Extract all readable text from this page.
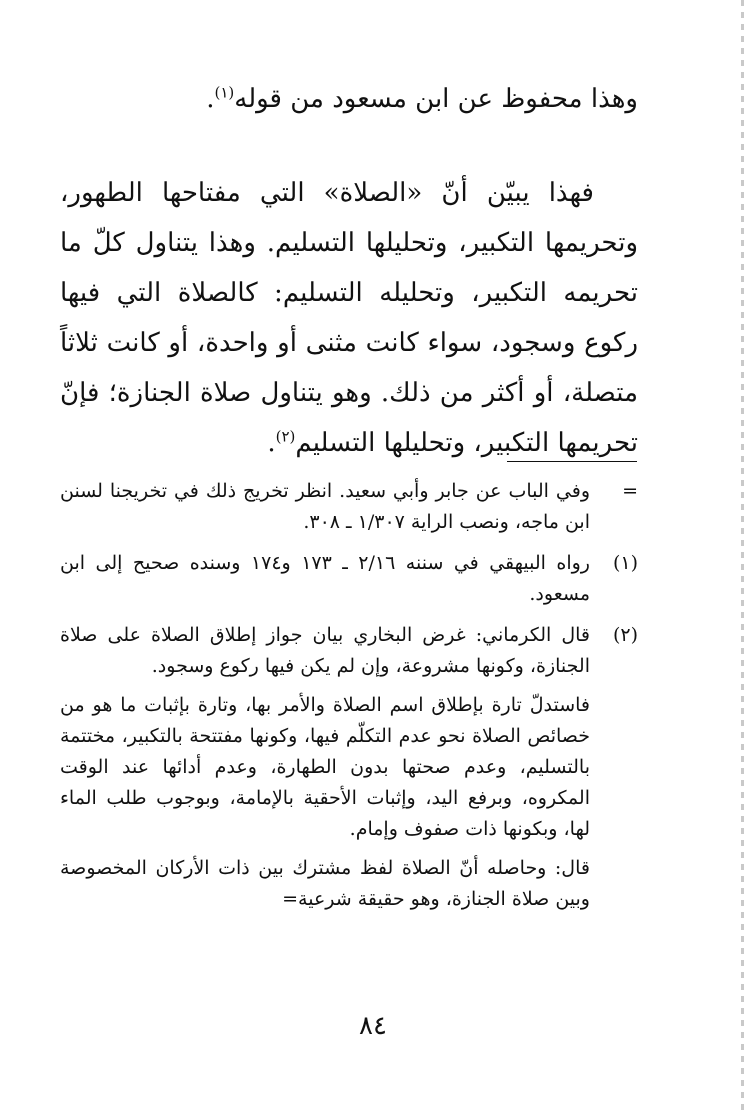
وهذا محفوظ عن ابن مسعود من قوله$^{(١)}$.

فهذا يبيّن أنّ «الصلاة» التي مفتاحها الطهور، وتحريمها التكبير، وتحليلها التسليم. وهذا يتناول كلّ ما تحريمه التكبير، وتحليله التسليم: كالصلاة التي فيها ركوع وسجود، سواء كانت مثنى أو واحدة، أو كانت ثلاثاً متصلة، أو أكثر من ذلك. وهو يتناول صلاة الجنازة؛ فإنّ تحريمها التكبير، وتحليلها التسليم$^{(٢)}$.

=
وفي الباب عن جابر وأبي سعيد. انظر تخريج ذلك في تخريجنا لسنن ابن ماجه، ونصب الراية ١/٣٠٧ ـ ٣٠٨.
(١)
رواه البيهقي في سننه ٢/١٦ ـ ١٧٣ و١٧٤ وسنده صحيح إلى ابن مسعود.
(٢)

قال الكرماني: غرض البخاري بيان جواز إطلاق الصلاة على صلاة الجنازة، وكونها مشروعة، وإن لم يكن فيها ركوع وسجود.

فاستدلّ تارة بإطلاق اسم الصلاة والأمر بها، وتارة بإثبات ما هو من خصائص الصلاة نحو عدم التكلّم فيها، وكونها مفتتحة بالتكبير، مختتمة بالتسليم، وعدم صحتها بدون الطهارة، وعدم أدائها عند الوقت المكروه، وبرفع اليد، وإثبات الأحقية بالإمامة، وبوجوب طلب الماء لها، وبكونها ذات صفوف وإمام.

قال: وحاصله أنّ الصلاة لفظ مشترك بين ذات الأركان المخصوصة وبين صلاة الجنازة، وهو حقيقة شرعية=

٨٤
